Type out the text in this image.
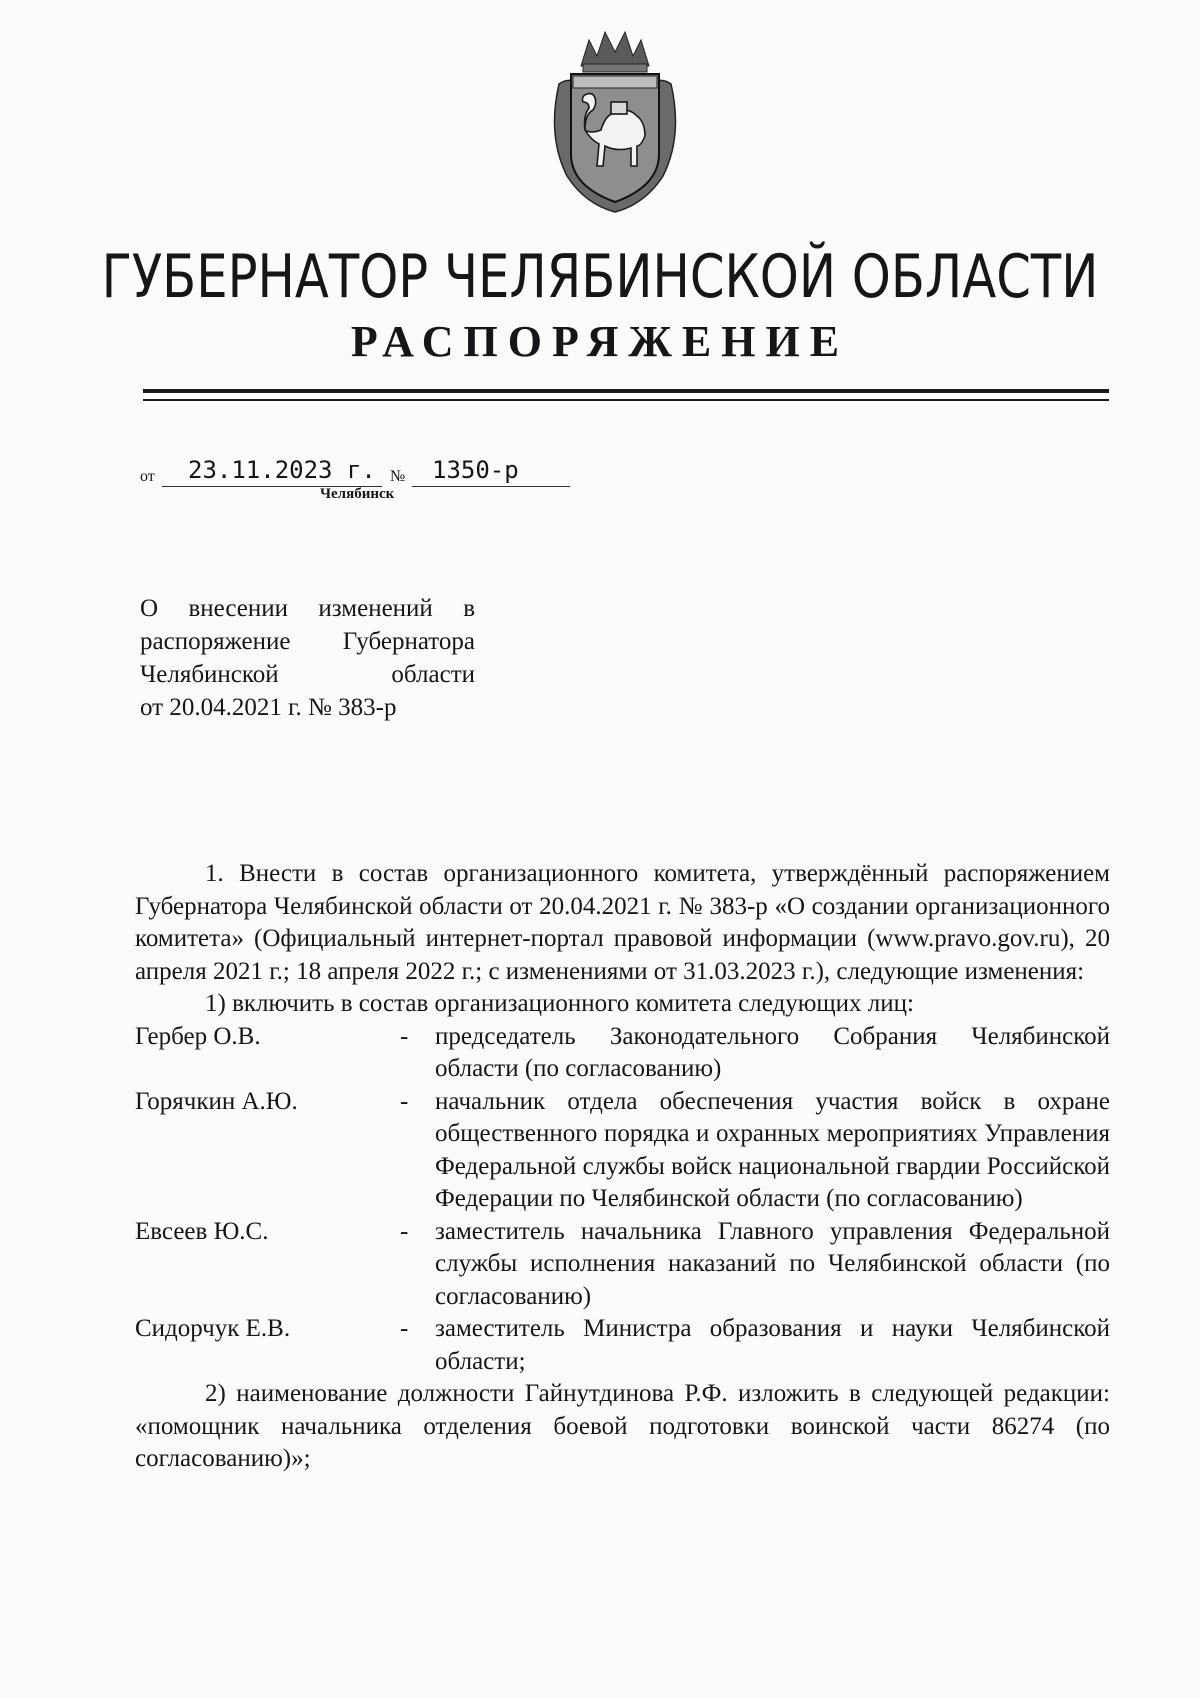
ГУБЕРНАТОР ЧЕЛЯБИНСКОЙ ОБЛАСТИ
РАСПОРЯЖЕНИЕ
от 23.11.2023 г. № 1350-р
Челябинск
О внесении изменений в
распоряжение Губернатора
Челябинской области
от 20.04.2021 г. № 383-р

1. Внести в состав организационного комитета, утверждённый распоряжением Губернатора Челябинской области от 20.04.2021 г. № 383-р «О создании организационного комитета» (Официальный интернет-портал правовой информации (www.pravo.gov.ru), 20 апреля 2021 г.; 18 апреля 2022 г.; с изменениями от 31.03.2023 г.), следующие изменения:

1) включить в состав организационного комитета следующих лиц:

Гербер О.В.	-	председатель Законодательного Собрания Челябинской области (по согласованию)
Горячкин А.Ю.	-	начальник отдела обеспечения участия войск в охране общественного порядка и охранных мероприятиях Управления Федеральной службы войск национальной гвардии Российской Федерации по Челябинской области (по согласованию)
Евсеев Ю.С.	-	заместитель начальника Главного управления Федеральной службы исполнения наказаний по Челябинской области (по согласованию)
Сидорчук Е.В.	-	заместитель Министра образования и науки Челябинской области;

2) наименование должности Гайнутдинова Р.Ф. изложить в следующей редакции: «помощник начальника отделения боевой подготовки воинской части 86274 (по согласованию)»;
